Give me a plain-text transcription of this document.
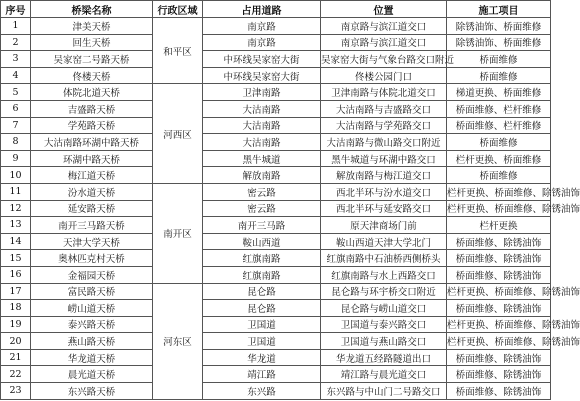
序号	桥梁名称	行政区域	占用道路	位置	施工项目
1	津美天桥	和平区	南京路	南京路与滨江道交口	除锈油饰、桥面维修
2	回生天桥		南京路	南京路与滨江道交口	除锈油饰、桥面维修
3	吴家窑二号路天桥		中环线吴家窑大街	吴家窑大街与气象台路交口附近	桥面维修
4	佟楼天桥		中环线吴家窑大街	佟楼公园门口	桥面维修
5	体院北道天桥	河西区	卫津南路	卫津南路与体院北道交口	梯道更换、桥面维修
6	吉盛路天桥		大沽南路	大沽南路与吉盛路交口	桥面维修、栏杆维修
7	学苑路天桥		大沽南路	大沽南路与学苑路交口	桥面维修、栏杆维修
8	大沽南路环湖中路天桥		大沽南路	大沽南路与微山路交口附近	桥面维修
9	环湖中路天桥		黑牛城道	黑牛城道与环湖中路交口	栏杆更换、桥面维修
10	梅江道天桥		解放南路	解放南路与梅江道交口	桥面维修
11	汾水道天桥	南开区	密云路	西北半环与汾水道交口	栏杆更换、桥面维修、除锈油饰
12	延安路天桥		密云路	西北半环与延安路交口	栏杆更换、桥面维修、除锈油饰
13	南开三马路天桥		南开三马路	原天津商场门前	栏杆更换
14	天津大学天桥		鞍山西道	鞍山西道天津大学北门	桥面维修、除锈油饰
15	奥林匹克村天桥		红旗南路	红旗南路中石油桥西侧桥头	桥面维修、除锈油饰
16	金福园天桥		红旗南路	红旗南路与水上西路交口	桥面维修、除锈油饰
17	富民路天桥	河东区	昆仑路	昆仑路与环宇桥交口附近	栏杆更换、桥面维修、除锈油饰
18	崂山道天桥		昆仑路	昆仑路与崂山道交口	桥面维修、除锈油饰
19	泰兴路天桥		卫国道	卫国道与泰兴路交口	栏杆更换、桥面维修、除锈油饰
20	燕山路天桥		卫国道	卫国道与燕山路交口	栏杆更换、桥面维修、除锈油饰
21	华龙道天桥		华龙道	华龙道五经路隧道出口	桥面维修、除锈油饰
22	晨光道天桥		靖江路	靖江路与晨光道交口	桥面维修、除锈油饰
23	东兴路天桥		东兴路	东兴路与中山门二号路交口	桥面维修、除锈油饰
